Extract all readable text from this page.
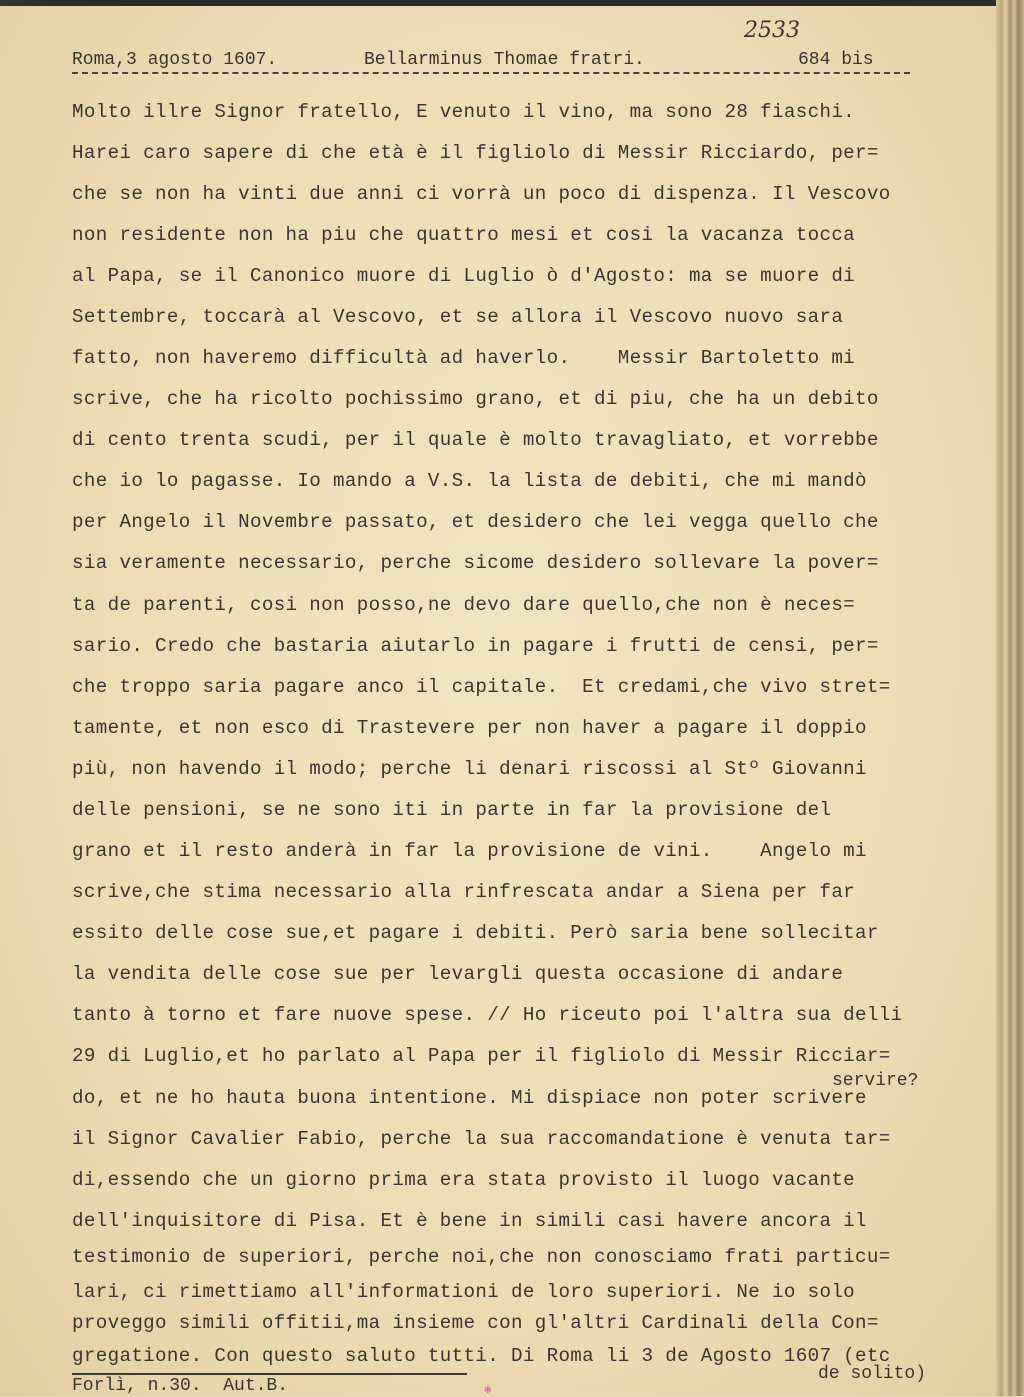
2533

Roma,3 agosto 1607.

	Bellarminus Thomae fratri.

	684 bis

Molto illre Signor fratello, E venuto il vino, ma sono 28 fiaschi.
Harei caro sapere di che età è il figliolo di Messir Ricciardo, per=
che se non ha vinti due anni ci vorrà un poco di dispenza. Il Vescovo
non residente non ha piu che quattro mesi et cosi la vacanza tocca
al Papa, se il Canonico muore di Luglio ò d'Agosto: ma se muore di
Settembre, toccarà al Vescovo, et se allora il Vescovo nuovo sara
fatto, non haveremo difficultà ad haverlo.    Messir Bartoletto mi
scrive, che ha ricolto pochissimo grano, et di piu, che ha un debito
di cento trenta scudi, per il quale è molto travagliato, et vorrebbe
che io lo pagasse. Io mando a V.S. la lista de debiti, che mi mandò
per Angelo il Novembre passato, et desidero che lei vegga quello che
sia veramente necessario, perche sicome desidero sollevare la pover=
ta de parenti, cosi non posso,ne devo dare quello,che non è neces=
sario. Credo che bastaria aiutarlo in pagare i frutti de censi, per=
che troppo saria pagare anco il capitale.  Et credami,che vivo stret=
tamente, et non esco di Trastevere per non haver a pagare il doppio
più, non havendo il modo; perche li denari riscossi al Stº Giovanni
delle pensioni, se ne sono iti in parte in far la provisione del
grano et il resto anderà in far la provisione de vini.    Angelo mi
scrive,che stima necessario alla rinfrescata andar a Siena per far
essito delle cose sue,et pagare i debiti. Però saria bene sollecitar
la vendita delle cose sue per levargli questa occasione di andare
tanto à torno et fare nuove spese. // Ho riceuto poi l'altra sua delli
29 di Luglio,et ho parlato al Papa per il figliolo di Messir Ricciar=
do, et ne ho hauta buona intentione. Mi dispiace non poter scrivere
il Signor Cavalier Fabio, perche la sua raccomandatione è venuta tar=
di,essendo che un giorno prima era stata provisto il luogo vacante
dell'inquisitore di Pisa. Et è bene in simili casi havere ancora il
testimonio de superiori, perche noi,che non conosciamo frati particu=
lari, ci rimettiamo all'informationi de loro superiori. Ne io solo
proveggo simili offitii,ma insieme con gl'altri Cardinali della Con=
gregatione. Con questo saluto tutti. Di Roma li 3 de Agosto 1607 (etc
servire?
de solito)
Forlì, n.30.  Aut.B.	✱
